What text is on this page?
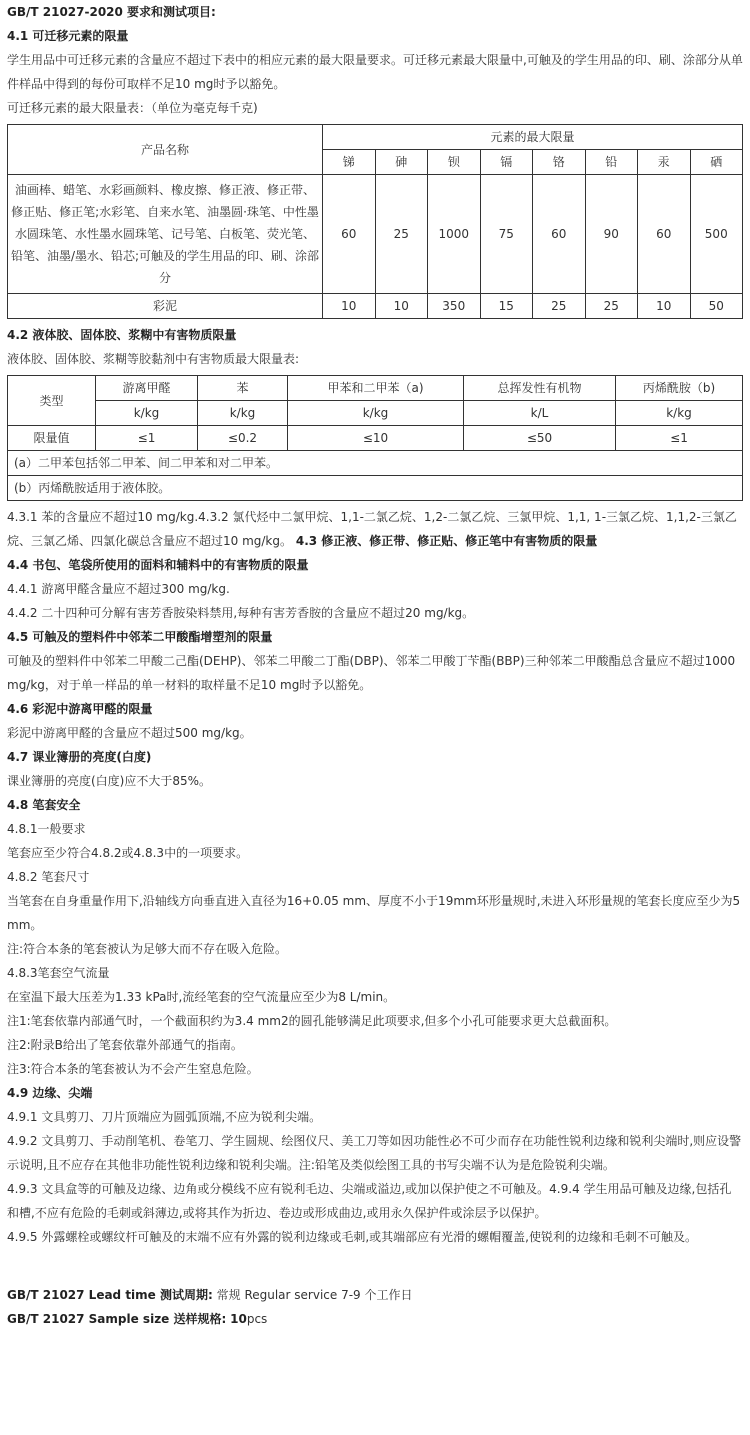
GB/T 21027-2020 要求和测试项目:

4.1 可迁移元素的限量

学生用品中可迁移元素的含量应不超过下表中的相应元素的最大限量要求。可迁移元素最大限量中,可触及的学生用品的印、刷、涂部分从单件样品中得到的每份可取样不足10 mg时予以豁免。

可迁移元素的最大限量表：（单位为毫克每千克)

产品名称	元素的最大限量							
	锑	砷	钡	镉	铬	铅	汞	硒
油画棒、蜡笔、水彩画颜料、橡皮擦、修正液、修正带、修正贴、修正笔;水彩笔、自来水笔、油墨圆·珠笔、中性墨水圆珠笔、水性墨水圆珠笔、记号笔、白板笔、荧光笔、铅笔、油墨/墨水、铅芯;可触及的学生用品的印、刷、涂部分	60	25	1000	75	60	90	60	500
彩泥	10	10	350	15	25	25	10	50

4.2 液体胶、固体胶、浆糊中有害物质限量

液体胶、固体胶、浆糊等胶黏剂中有害物质最大限量表:

类型	游离甲醛	苯	甲苯和二甲苯（a)	总挥发性有机物	丙烯酰胺（b)
	k/kg	k/kg	k/kg	k/L	k/kg
限量值	≤1	≤0.2	≤10	≤50	≤1
(a）二甲苯包括邻二甲苯、间二甲苯和对二甲苯。					
(b）丙烯酰胺适用于液体胶。					

4.3.1 苯的含量应不超过10 mg/kg.4.3.2 氯代烃中二氯甲烷、1,1-二氯乙烷、1,2-二氯乙烷、三氯甲烷、1,1, 1-三氯乙烷、1,1,2-三氯乙烷、三氯乙烯、四氯化碳总含量应不超过10 mg/kg。 4.3 修正液、修正带、修正贴、修正笔中有害物质的限量

4.4 书包、笔袋所使用的面料和辅料中的有害物质的限量

4.4.1 游离甲醛含量应不超过300 mg/kg.

4.4.2 二十四种可分解有害芳香胺染料禁用,每种有害芳香胺的含量应不超过20 mg/kg。

4.5 可触及的塑料件中邻苯二甲酸酯增塑剂的限量

可触及的塑料件中邻苯二甲酸二己酯(DEHP)、邻苯二甲酸二丁酯(DBP)、邻苯二甲酸丁苄酯(BBP)三种邻苯二甲酸酯总含量应不超过1000 mg/kg，对于单一样品的单一材料的取样量不足10 mg时予以豁免。

4.6 彩泥中游离甲醛的限量

彩泥中游离甲醛的含量应不超过500 mg/kg。

4.7 课业簿册的亮度(白度)

课业簿册的亮度(白度)应不大于85%。

4.8 笔套安全

4.8.1一般要求

笔套应至少符合4.8.2或4.8.3中的一项要求。

4.8.2 笔套尺寸

当笔套在自身重量作用下,沿轴线方向垂直进入直径为16+0.05 mm、厚度不小于19mm环形量规时,未进入环形量规的笔套长度应至少为5 mm。

注:符合本条的笔套被认为足够大而不存在吸入危险。

4.8.3笔套空气流量

在室温下最大压差为1.33 kPa时,流经笔套的空气流量应至少为8 L/min。

注1:笔套依靠内部通气时，一个截面积约为3.4 mm2的圆孔能够满足此项要求,但多个小孔可能要求更大总截面积。

注2:附录B给出了笔套依靠外部通气的指南。

注3:符合本条的笔套被认为不会产生窒息危险。

4.9 边缘、尖端

4.9.1 文具剪刀、刀片顶端应为圆弧顶端,不应为锐利尖端。

4.9.2 文具剪刀、手动削笔机、卷笔刀、学生圆规、绘图仪尺、美工刀等如因功能性必不可少而存在功能性锐利边缘和锐利尖端时,则应设警示说明,且不应存在其他非功能性锐利边缘和锐利尖端。注:铅笔及类似绘图工具的书写尖端不认为是危险锐利尖端。

4.9.3 文具盒等的可触及边缘、边角或分模线不应有锐利毛边、尖端或溢边,或加以保护使之不可触及。4.9.4 学生用品可触及边缘,包括孔和槽,不应有危险的毛刺或斜薄边,或将其作为折边、卷边或形成曲边,或用永久保护件或涂层予以保护。

4.9.5 外露螺栓或螺纹杆可触及的末端不应有外露的锐利边缘或毛刺,或其端部应有光滑的螺帽覆盖,使锐利的边缘和毛刺不可触及。

GB/T 21027 Lead time 测试周期: 常规 Regular service 7-9 个工作日

GB/T 21027 Sample size 送样规格: 10pcs
